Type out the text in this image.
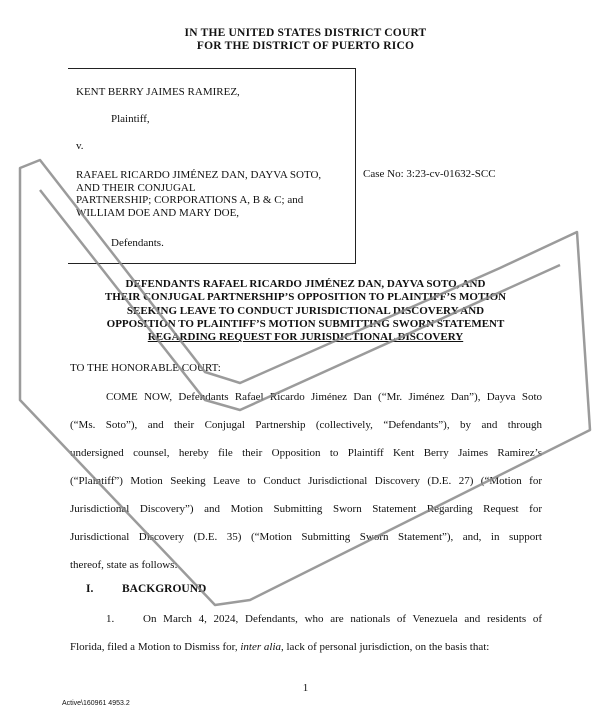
IN THE UNITED STATES DISTRICT COURT
FOR THE DISTRICT OF PUERTO RICO
KENT BERRY JAIMES RAMIREZ,
Plaintiff,
v.
RAFAEL RICARDO JIMÉNEZ DAN, DAYVA SOTO,
AND THEIR CONJUGAL
PARTNERSHIP; CORPORATIONS A, B & C; and
WILLIAM DOE AND MARY DOE,
Defendants.
Case No: 3:23-cv-01632-SCC
DEFENDANTS RAFAEL RICARDO JIMÉNEZ DAN, DAYVA SOTO, AND
THEIR CONJUGAL PARTNERSHIP’S OPPOSITION TO PLAINTIFF’S MOTION
SEEKING LEAVE TO CONDUCT JURISDICTIONAL DISCOVERY AND
OPPOSITION TO PLAINTIFF’S MOTION SUBMITTING SWORN STATEMENT
REGARDING REQUEST FOR JURISDICTIONAL DISCOVERY
TO THE HONORABLE COURT:
COME NOW, Defendants Rafael Ricardo Jiménez Dan (“Mr. Jiménez Dan”), Dayva Soto
(“Ms. Soto”), and their Conjugal Partnership (collectively, “Defendants”), by and through
undersigned counsel, hereby file their Opposition to Plaintiff Kent Berry Jaimes Ramirez’s
(“Plaintiff”) Motion Seeking Leave to Conduct Jurisdictional Discovery (D.E. 27) (“Motion for
Jurisdictional Discovery”) and Motion Submitting Sworn Statement Regarding Request for
Jurisdictional Discovery (D.E. 35) (“Motion Submitting Sworn Statement”), and, in support
thereof, state as follows:
I. BACKGROUND
1.	On March 4, 2024, Defendants, who are nationals of Venezuela and residents of
Florida, filed a Motion to Dismiss for, inter alia, lack of personal jurisdiction, on the basis that:
1
Active\160961 4953.2
